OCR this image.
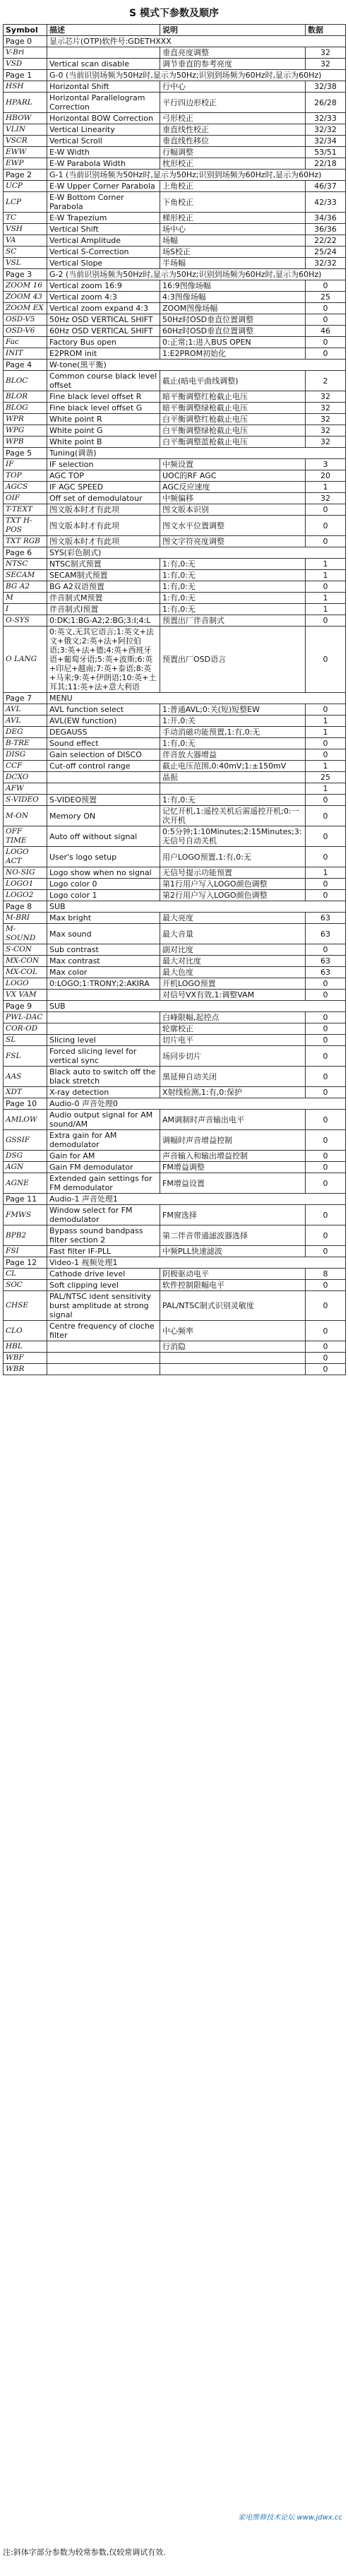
S 模式下参数及顺序
Symbol	描述	说明	数据
Page 0	显示芯片(OTP)软件号:GDETHXXX		
V-Bri		垂直亮度调整	32
VSD	Vertical scan disable	调节垂直的参考亮度	32
Page 1	G-0 (当前识别场频为50Hz时,显示为50Hz;识别到场频为60Hz时,显示为60Hz)		
HSH	Horizontal Shift	行中心	32/38
HPARL	Horizontal Parallelogram Correction	平行四边形校正	26/28
HBOW	Horizontal BOW Correction	弓形校正	32/33
VLIN	Vertical Linearity	垂直线性校正	32/32
VSCR	Vertical Scroll	垂直线性移位	32/34
EWW	E-W Width	行幅调整	53/51
EWP	E-W Parabola Width	枕形校正	22/18
Page 2	G-1 (当前识别场频为50Hz时,显示为50Hz;识别到场频为60Hz时,显示为60Hz)		
UCP	E-W Upper Corner Parabola	上角校正	46/37
LCP	E-W Bottom Corner Parabola	下角校正	42/33
TC	E-W Trapezium	梯形校正	34/36
VSH	Vertical Shift	场中心	36/36
VA	Vertical Amplitude	场幅	22/22
SC	Vertical S-Correction	场S校正	25/24
VSL	Vertical Slope	半场幅	32/32
Page 3	G-2 (当前识别场频为50Hz时,显示为50Hz;识别到场频为60Hz时,显示为60Hz)		
ZOOM 16	Vertical zoom 16:9	16:9图像场幅	0
ZOOM 43	Vertical zoom 4:3	4:3图像场幅	25
ZOOM EX	Vertical zoom expand 4:3	ZOOM图像场幅	0
OSD-V5	50Hz OSD VERTICAL SHIFT	50Hz时OSD垂直位置调整	0
OSD-V6	60Hz OSD VERTICAL SHIFT	60Hz时OSD垂直位置调整	46
Fac	Factory Bus open	0:正常;1:进入BUS OPEN	0
INIT	E2PROM init	1:E2PROM初始化	0
Page 4	W-tone(黑平衡)		
BLOC	Common course black level offset	截止(暗电平曲线调整)	2
BLOR	Fine black level offset R	暗平衡调整红枪截止电压	32
BLOG	Fine black level offset G	暗平衡调整绿枪截止电压	32
WPR	White point R	白平衡调整红枪截止电压	32
WPG	White point G	白平衡调整绿枪截止电压	32
WPB	White point B	白平衡调整蓝枪截止电压	32
Page 5	Tuning(调谐)		
IF	IF selection	中频设置	3
TOP	AGC TOP	UOC的RF AGC	20
AGCS	IF AGC SPEED	AGC反应速度	1
OIF	Off set of demodulatour	中频偏移	32
T-TEXT	图文版本时才有此项	图文版本识别	0
TXT H-POS	图文版本时才有此项	图文水平位置调整	0
TXT RGB	图文版本时才有此项	图文字符亮度调整	0
Page 6	SYS(彩色制式)		
NTSC	NTSC制式预置	1:有,0:无	1
SECAM	SECAM制式预置	1:有,0:无	1
BG A2	BG A2双语预置	1:有,0:无	0
M	伴音制式M预置	1:有,0:无	1
I	伴音制式I预置	1:有,0:无	1
O-SYS	0:DK;1:BG-A2;2:BG;3:I;4:L	预置出厂伴音制式	0
O LANG	0:英文,无其它语言;1:英文+法文+俄文;2:英+法+阿拉伯语;3:英+法+德;4:英+西班牙语+葡萄牙语;5:英+波斯;6:英+印尼+越南;7:英+泰语;8:英+马来;9:英+伊朗语;10:英+土耳其;11:英+法+意大利语	预置出厂OSD语言	0
Page 7	MENU		
AVL	AVL function select	1:普通AVL;0:关(短)短整EW	0
AVL	AVL(EW function)	1:开,0:关	1
DEG	DEGAUSS	手动消磁功能预置,1:有,0:无	1
B-TRE	Sound effect	1:有,0:无	0
DISG	Gain selection of DISCO	伴音放大器增益	0
CCF	Cut-off control range	截止电压范围,0:40mV;1:±150mV	1
DCXO		晶振	25
AFW			1
S-VIDEO	S-VIDEO预置	1:有,0:无	0
M-ON	Memory ON	记忆开机,1:遥控关机后需遥控开机;0:一次开机	0
OFF TIME	Auto off without signal	0:5分钟;1:10Minutes;2:15Minutes;3:无信号自动关机	0
LOGO ACT	User's logo setup	用户LOGO预置,1:有,0:无	0
NO-SIG	Logo show when no signal	无信号提示功能预置	1
LOGO1	Logo color 0	第1行用户写入LOGO颜色调整	0
LOGO2	Logo color 1	第2行用户写入LOGO颜色调整	0
Page 8	SUB		
M-BRI	Max bright	最大亮度	63
M-SOUND	Max sound	最大音量	63
S-CON	Sub contrast	副对比度	0
MX-CON	Max contrast	最大对比度	63
MX-COL	Max color	最大色度	63
LOGO	0:LOGO;1:TRONY;2:AKIRA	开机LOGO预置	0
VX VAM		对信号VX有效,1:调整VAM	0
Page 9	SUB		
PWL-DAC		白峰限幅,起控点	0
COR-OD		轮廓校正	0
SL	Slicing level	切片电平	0
FSL	Forced slicing level for vertical sync	场同步切片	0
AAS	Black auto to switch off the black stretch	黑延伸自动关闭	0
XDT	X-ray detection	X射线检测,1:有,0:保护	0
Page 10	Audio-0 声音处理0		
AMLOW	Audio output signal for AM sound/AM	AM调制时声音输出电平	0
GSSIF	Extra gain for AM demodulator	调幅时声音增益控制	0
DSG	Gain for AM	声音输入和输出增益控制	0
AGN	Gain FM demodulator	FM增益调整	0
AGNE	Extended gain settings for FM demodulator	FM增益设置	0
Page 11	Audio-1 声音处理1		
FMWS	Window select for FM demodulator	FM窗选择	0
BPB2	Bypass sound bandpass filter section 2	第二伴音带通滤波器选择	0
FSI	Fast filter IF-PLL	中频PLL快速滤波	0
Page 12	Video-1 视频处理1		
CL	Cathode drive level	阴极驱动电平	8
SOC	Soft clipping level	软件控制限幅电平	0
CHSE	PAL/NTSC ident sensitivity burst amplitude at strong signal	PAL/NTSC制式识别灵敏度	0
CLO	Centre frequency of cloche filter	中心频率	0
HBL		行消隐	0
WBF			0
WBR			0
家电维修技术论坛 www.jdwx.cc
注:斜体字部分参数为较常参数,仅较常调试有效.
